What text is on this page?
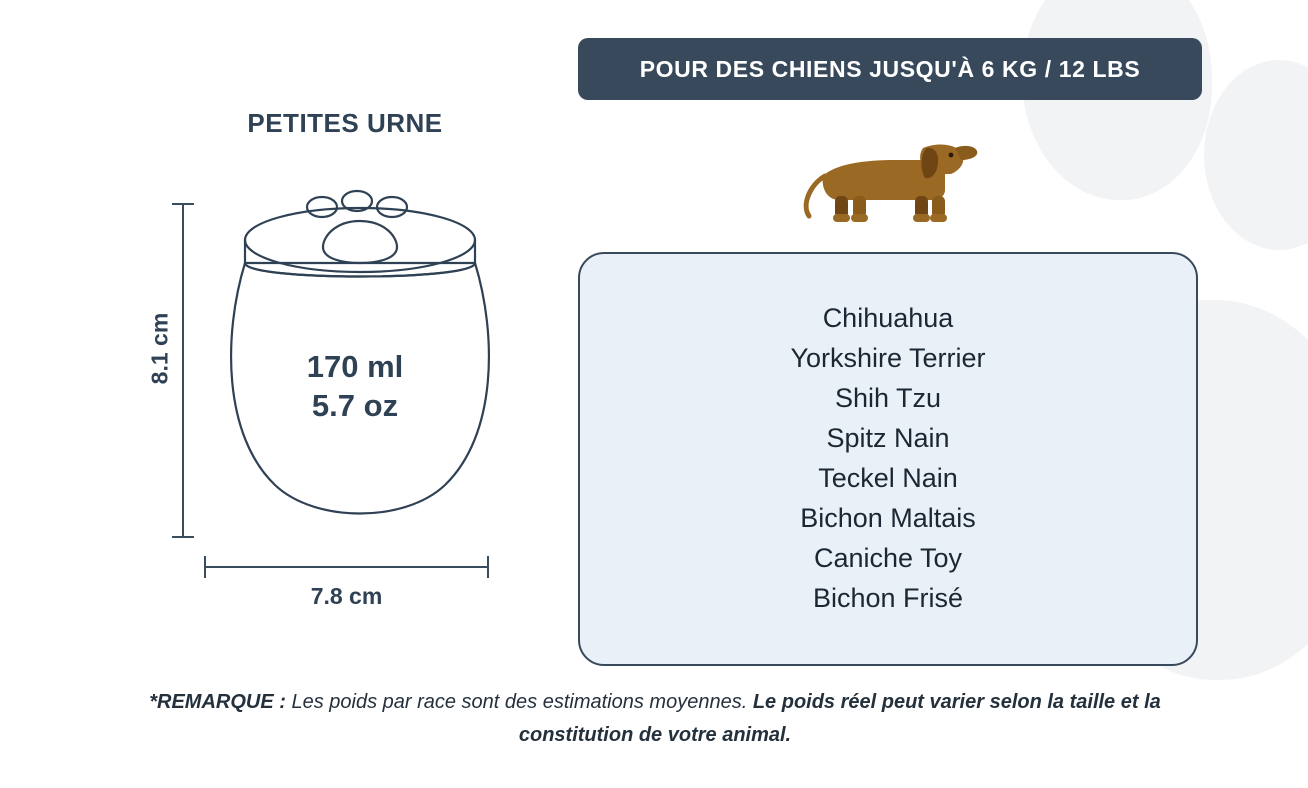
PETITES URNE
8.1 cm
7.8 cm
170 ml
5.7 oz
POUR DES CHIENS JUSQU'À 6 KG / 12 LBS
Chihuahua
Yorkshire Terrier
Shih Tzu
Spitz Nain
Teckel Nain
Bichon Maltais
Caniche Toy
Bichon Frisé
*REMARQUE : Les poids par race sont des estimations moyennes. Le poids réel peut varier selon la taille et la constitution de votre animal.
